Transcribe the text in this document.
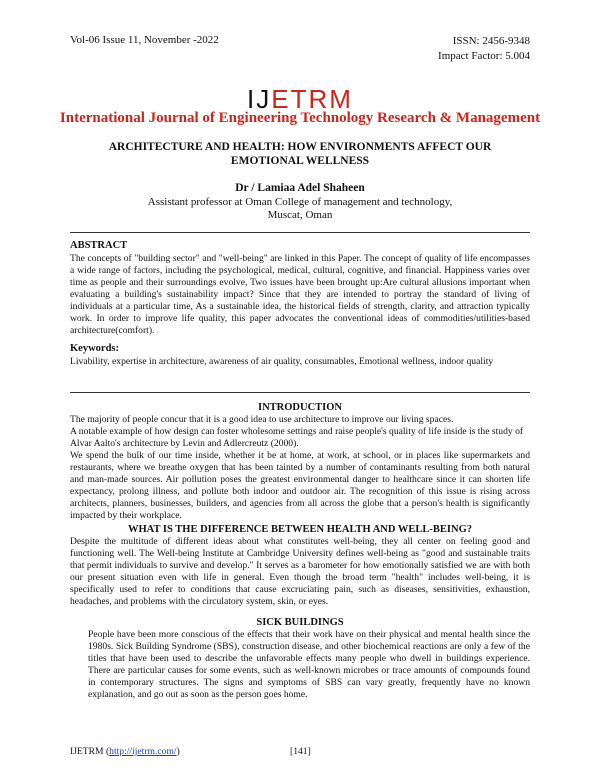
Vol-06 Issue 11, November -2022	ISSN: 2456-9348
Impact Factor: 5.004
IJETRM
International Journal of Engineering Technology Research & Management
ARCHITECTURE AND HEALTH: HOW ENVIRONMENTS AFFECT OUR
EMOTIONAL WELLNESS
Dr / Lamiaa Adel Shaheen
Assistant professor at Oman College of management and technology,
Muscat, Oman
ABSTRACT
The concepts of "building sector" and "well-being" are linked in this Paper. The concept of quality of life encompasses a wide range of factors, including the psychological, medical, cultural, cognitive, and financial. Happiness varies over time as people and their surroundings evolve, Two issues have been brought up:Are cultural allusions important when evaluating a building's sustainability impact? Since that they are intended to portray the standard of living of individuals at a particular time, As a sustainable idea, the historical fields of strength, clarity, and attraction typically work. In order to improve life quality, this paper advocates the conventional ideas of commodities/utilities-based architecture(comfort).
Keywords:
Livability, expertise in architecture, awareness of air quality, consumables, Emotional wellness, indoor quality
INTRODUCTION

The majority of people concur that it is a good idea to use architecture to improve our living spaces.

A notable example of how design can foster wholesome settings and raise people's quality of life inside is the study of Alvar Aalto's architecture by Levin and Adlercreutz (2000).

We spend the bulk of our time inside, whether it be at home, at work, at school, or in places like supermarkets and restaurants, where we breathe oxygen that has been tainted by a number of contaminants resulting from both natural and man-made sources. Air pollution poses the greatest environmental danger to healthcare since it can shorten life expectancy, prolong illness, and pollute both indoor and outdoor air. The recognition of this issue is rising across architects, planners, businesses, builders, and agencies from all across the globe that a person's health is significantly impacted by their workplace.

WHAT IS THE DIFFERENCE BETWEEN HEALTH AND WELL-BEING?
Despite the multitude of different ideas about what constitutes well-being, they all center on feeling good and functioning well. The Well-being Institute at Cambridge University defines well-being as "good and sustainable traits that permit individuals to survive and develop." It serves as a barometer for how emotionally satisfied we are with both our present situation even with life in general. Even though the broad term "health" includes well-being, it is specifically used to refer to conditions that cause excruciating pain, such as diseases, sensitivities, exhaustion, headaches, and problems with the circulatory system, skin, or eyes.
SICK BUILDINGS
People have been more conscious of the effects that their work have on their physical and mental health since the 1980s. Sick Building Syndrome (SBS), construction disease, and other biochemical reactions are only a few of the titles that have been used to describe the unfavorable effects many people who dwell in buildings experience. There are particular causes for some events, such as well-known microbes or trace amounts of compounds found in contemporary structures. The signs and symptoms of SBS can vary greatly, frequently have no known explanation, and go out as soon as the person goes home.
IJETRM (http://ijetrm.com/)	[141]
